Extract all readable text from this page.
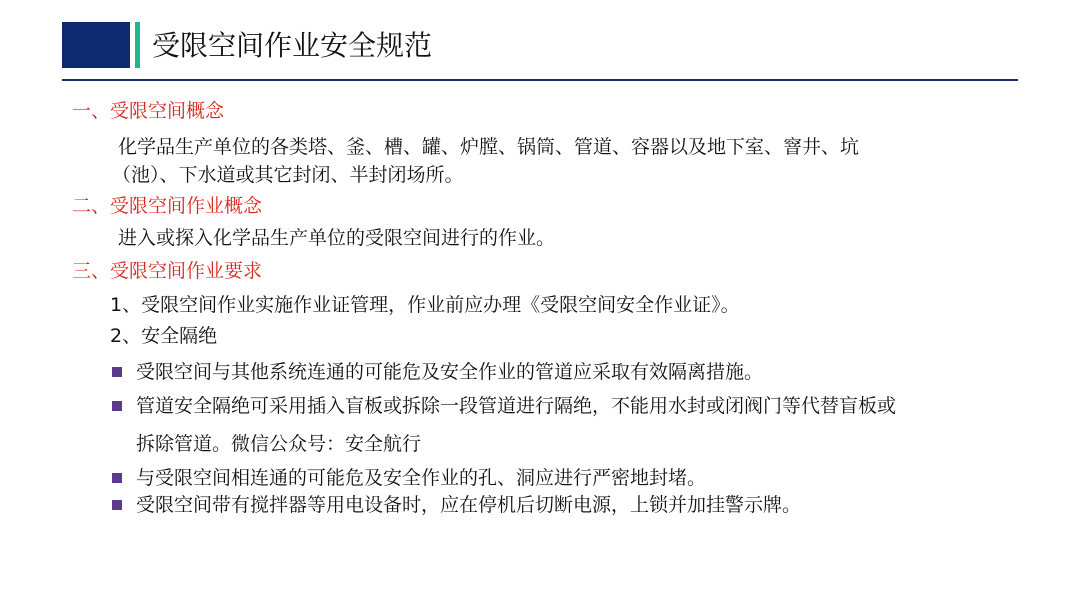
受限空间作业安全规范
一、受限空间概念
化学品生产单位的各类塔、釜、槽、罐、炉膛、锅筒、管道、容器以及地下室、窨井、坑
（池）、下水道或其它封闭、半封闭场所。
二、受限空间作业概念
进入或探入化学品生产单位的受限空间进行的作业。
三、受限空间作业要求
1、受限空间作业实施作业证管理，作业前应办理《受限空间安全作业证》。
2、安全隔绝
受限空间与其他系统连通的可能危及安全作业的管道应采取有效隔离措施。
管道安全隔绝可采用插入盲板或拆除一段管道进行隔绝，不能用水封或闭阀门等代替盲板或
拆除管道。微信公众号：安全航行
与受限空间相连通的可能危及安全作业的孔、洞应进行严密地封堵。
受限空间带有搅拌器等用电设备时，应在停机后切断电源，上锁并加挂警示牌。
